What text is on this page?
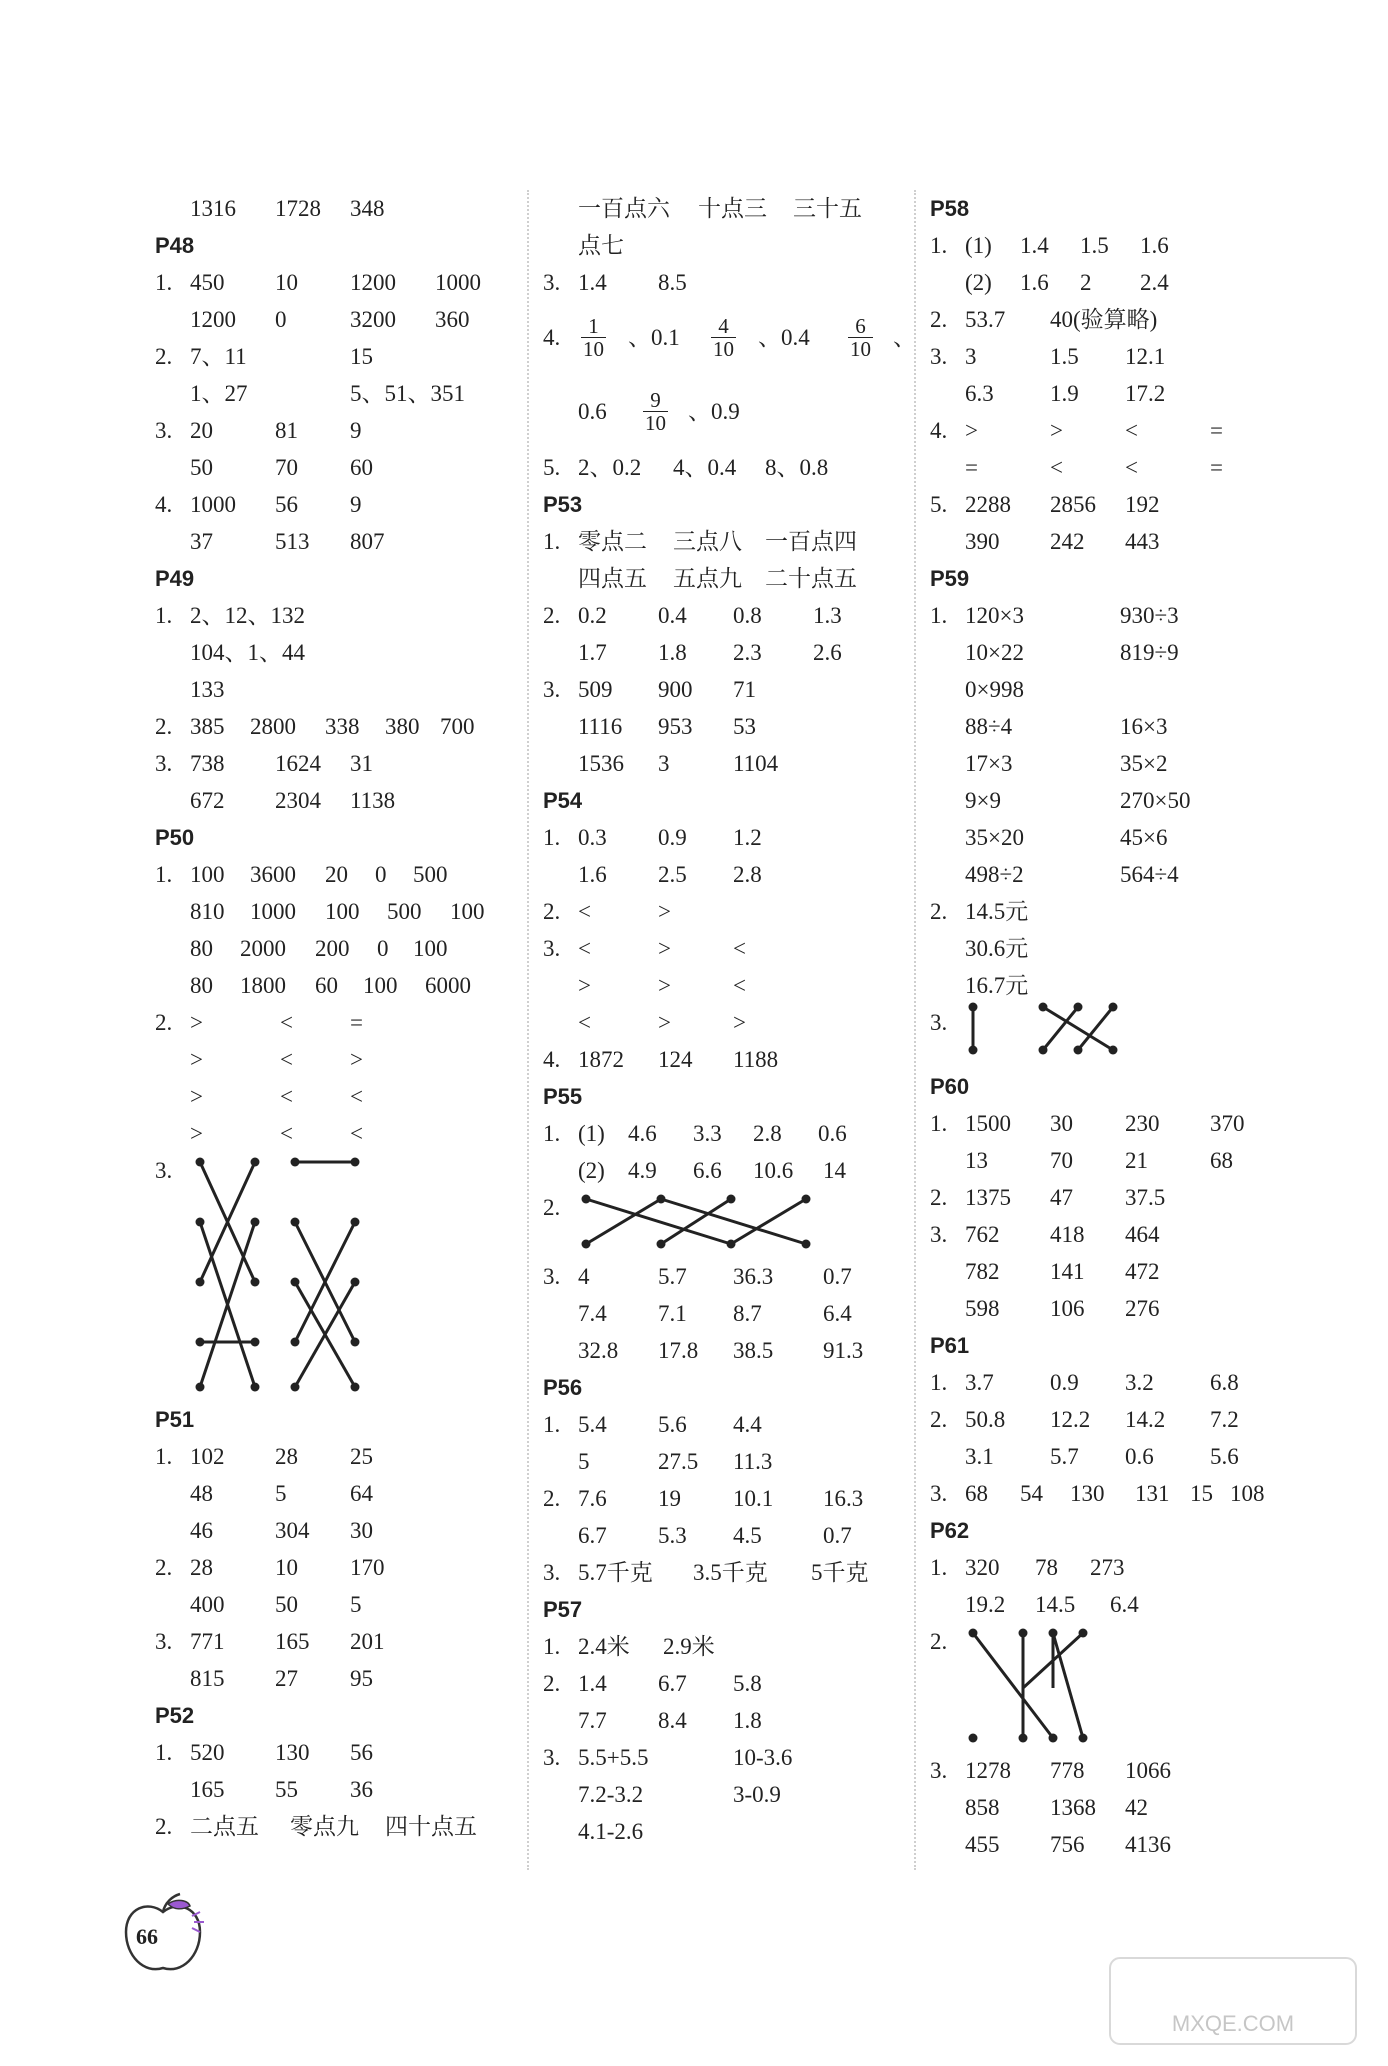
1316 1728 348
P48
1. 450 10 1200 1000
1200 0	3200 360
2. 7、11	15
1、27	5、51、351
3. 20	81 9
50	70 60
4. 1000 56 9
37	513 807
P49
1. 2、12、132
104、1、44
133
2. 385 2800 338 380 700
3. 738 1624 31
672 2304 1138
P50
1. 100 3600 20 0 500
810 1000 100 500 100
80 2000 200 0 100
80 1800 60 100 6000
2. >	< =
>	< >
>	< <
>	< <
3.
P51
1. 102 28 25
48	5	64
46	304 30
2. 28	10 170
400 50 5
3. 771 165 201
815 27 95
P52
1. 520 130 56
165 55 36
2. 二点五 零点九 四十点五
一百点六 十点三 三十五
点七
3. 1.4 8.5
4. $\frac{1}{10}$ 、$0.1 \frac{4}{10}$ 、$0.4 \frac{6}{10}$ 、
$0.6 \frac{9}{10}$ 、0.9
5. 2、0.2 4、0.4 8、0.8
P53
1. 零点二 三点八 一百点四
四点五 五点九 二十点五
2. 0.2 0.4 0.8 1.3
1.7 1.8 2.3 2.6
3. 509 900 71
1116 953 53
1536 3	1104
P54
1. 0.3 0.9 1.2
1.6 2.5 2.8
2. <	>
3. <	>	<
>	>	<
<	>	>
4. 1872 124 1188
P55
1. (1) 4.6 3.3 2.8 0.6
(2) 4.9 6.6 10.6 14
2.
3. 4	5.7 36.3 0.7
7.4 7.1 8.7	6.4
32.8 17.8 38.5 91.3
P56
1. 5.4 5.6 4.4
5	27.5 11.3
2. 7.6 19 10.1 16.3
6.7 5.3 4.5	0.7
3. 5.7千克 3.5千克 5千克
P57
1. 2.4米 2.9米
2. 1.4 6.7 5.8
7.7 8.4 1.8
3. 5.5+5.5	10-3.6
7.2-3.2	3-0.9
4.1-2.6
P58
1. (1) 1.4 1.5 1.6
(2) 1.6 2 2.4
2. 53.7 40(验算略)
3. 3	1.5 12.1
6.3 1.9 17.2
4. >	>	<	=
=	<	<	=
5. 2288 2856 192
390 242 443
P59
1. 120×3	930÷3
10×22	819÷9
0×998
88÷4	16×3
17×3	35×2
9×9	270×50
35×20	45×6
498÷2	564÷4
2. 14.5元
30.6元
16.7元
3.
P60
1. 1500 30 230 370
13	70 21	68
2. 1375 47 37.5
3. 762 418 464
782 141 472
598 106 276
P61
1. 3.7 0.9 3.2 6.8
2. 50.8 12.2 14.2 7.2
3.1 5.7 0.6 5.6
3. 68 54 130 131 15 108
P62
1. 320 78 273
19.2 14.5 6.4
2.
3. 1278 778 1066
858 1368 42
455 756 4136
66
MXQE.COM
